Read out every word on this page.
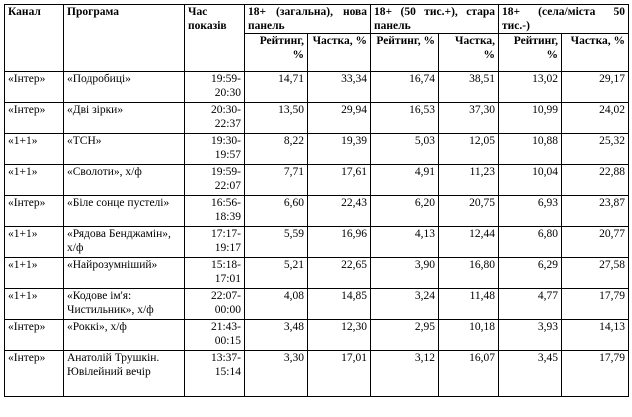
Канал	Програма	Час показів	18+ (загальна), нова панель		18+ (50 тис.+), стара панель		18+ (села/міста 50 тис.-)	
			Рейтинг, %	Частка, %	Рейтинг, %	Частка, %	Рейтинг, %	Частка, %
«Інтер»	«Подробиці»	19:59-20:30	14,71	33,34	16,74	38,51	13,02	29,17
«Інтер»	«Дві зірки»	20:30-22:37	13,50	29,94	16,53	37,30	10,99	24,02
«1+1»	«ТСН»	19:30-19:57	8,22	19,39	5,03	12,05	10,88	25,32
«1+1»	«Сволоти», х/ф	19:59-22:07	7,71	17,61	4,91	11,23	10,04	22,88
«Інтер»	«Біле сонце пустелі»	16:56-18:39	6,60	22,43	6,20	20,75	6,93	23,87
«1+1»	«Рядова Бенджамін», х/ф	17:17-19:17	5,59	16,96	4,13	12,44	6,80	20,77
«1+1»	«Найрозумніший»	15:18-17:01	5,21	22,65	3,90	16,80	6,29	27,58
«1+1»	«Кодове ім'я: Чистильник», х/ф	22:07-00:00	4,08	14,85	3,24	11,48	4,77	17,79
«Інтер»	«Роккі», х/ф	21:43-00:15	3,48	12,30	2,95	10,18	3,93	14,13
«Інтер»	Анатолій Трушкін. Ювілейний вечір	13:37-15:14	3,30	17,01	3,12	16,07	3,45	17,79
